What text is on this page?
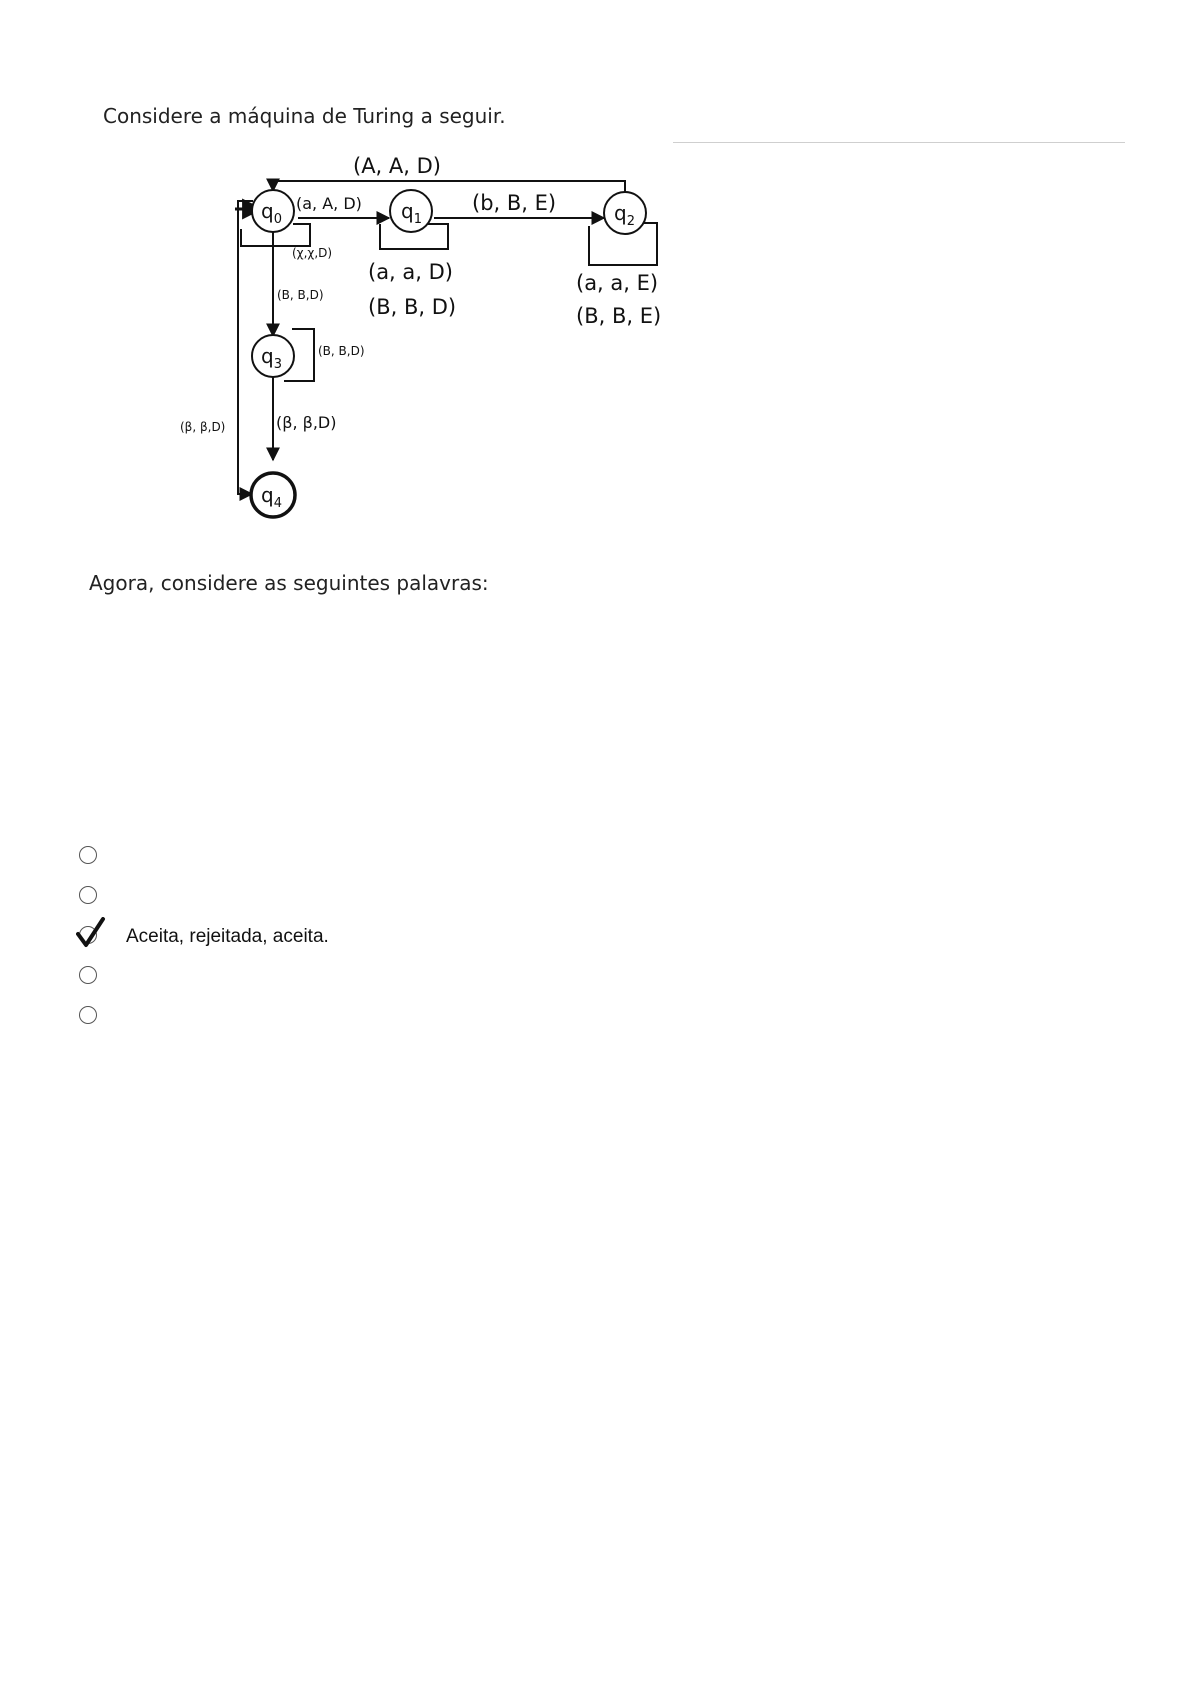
Considere a máquina de Turing a seguir.
$q_0$	$q_1$	$q_2$
$q_3$
$q_4$
(A, A, D)
(a, A, D)	(b, B, E)
(χ,χ,D)
(a, a, D)
(B, B, D)
(a, a, E)
(B, B, E)
(B, B,D)
(B, B,D)
(β, β,D)
(β, β,D)
Agora, considere as seguintes palavras:
Aceita, rejeitada, aceita.
